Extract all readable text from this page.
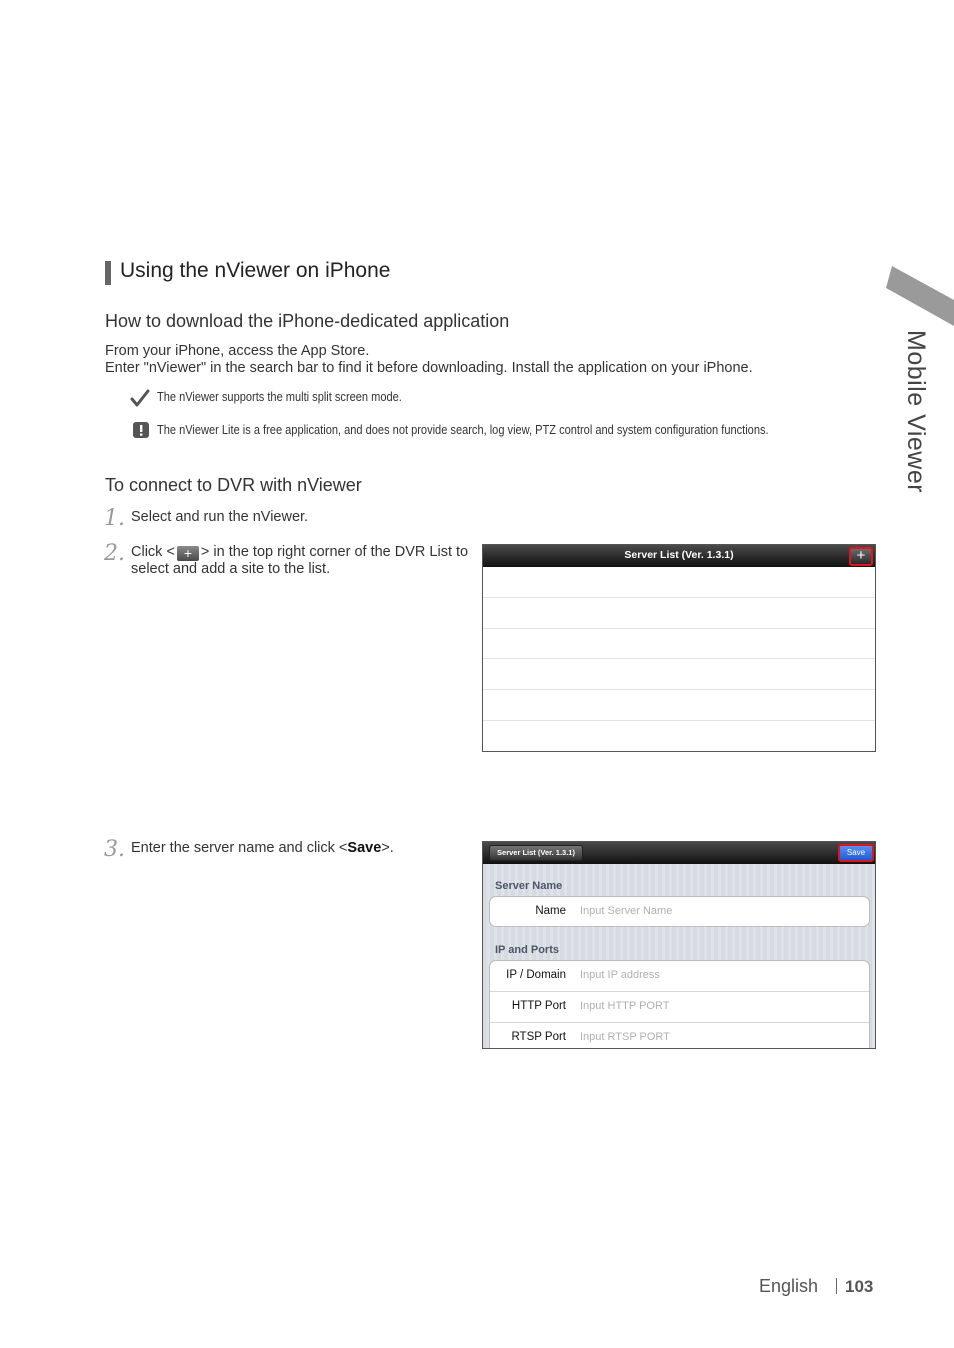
Mobile Viewer
Using the nViewer on iPhone
How to download the iPhone-dedicated application
From your iPhone, access the App Store.
Enter "nViewer" in the search bar to find it before downloading. Install the application on your iPhone.
The nViewer supports the multi split screen mode.
The nViewer Lite is a free application, and does not provide search, log view, PTZ control and system configuration functions.
To connect to DVR with nViewer
1. Select and run the nViewer.
2. Click < + > in the top right corner of the DVR List to
select and add a site to the list.
3. Enter the server name and click <Save>.
Server List (Ver. 1.3.1)	+
Server List (Ver. 1.3.1)	Save
Server Name
Name Input Server Name
IP and Ports
IP / Domain Input IP address
HTTP Port Input HTTP PORT
RTSP Port Input RTSP PORT
English 103
